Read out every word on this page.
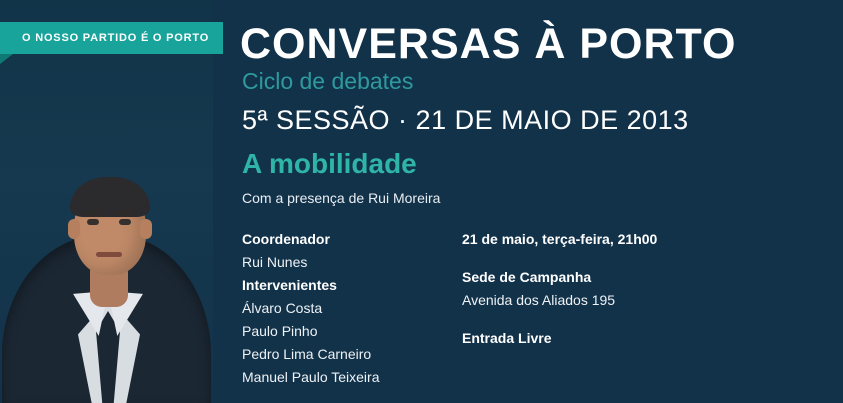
O NOSSO PARTIDO É O PORTO CONVERSAS À PORTO
Ciclo de debates
5ª SESSÃO · 21 DE MAIO DE 2013
A mobilidade
Com a presença de Rui Moreira
Coordenador
Rui Nunes
Intervenientes
Álvaro Costa
Paulo Pinho
Pedro Lima Carneiro
Manuel Paulo Teixeira
21 de maio, terça-feira, 21h00
Sede de Campanha
Avenida dos Aliados 195
Entrada Livre
